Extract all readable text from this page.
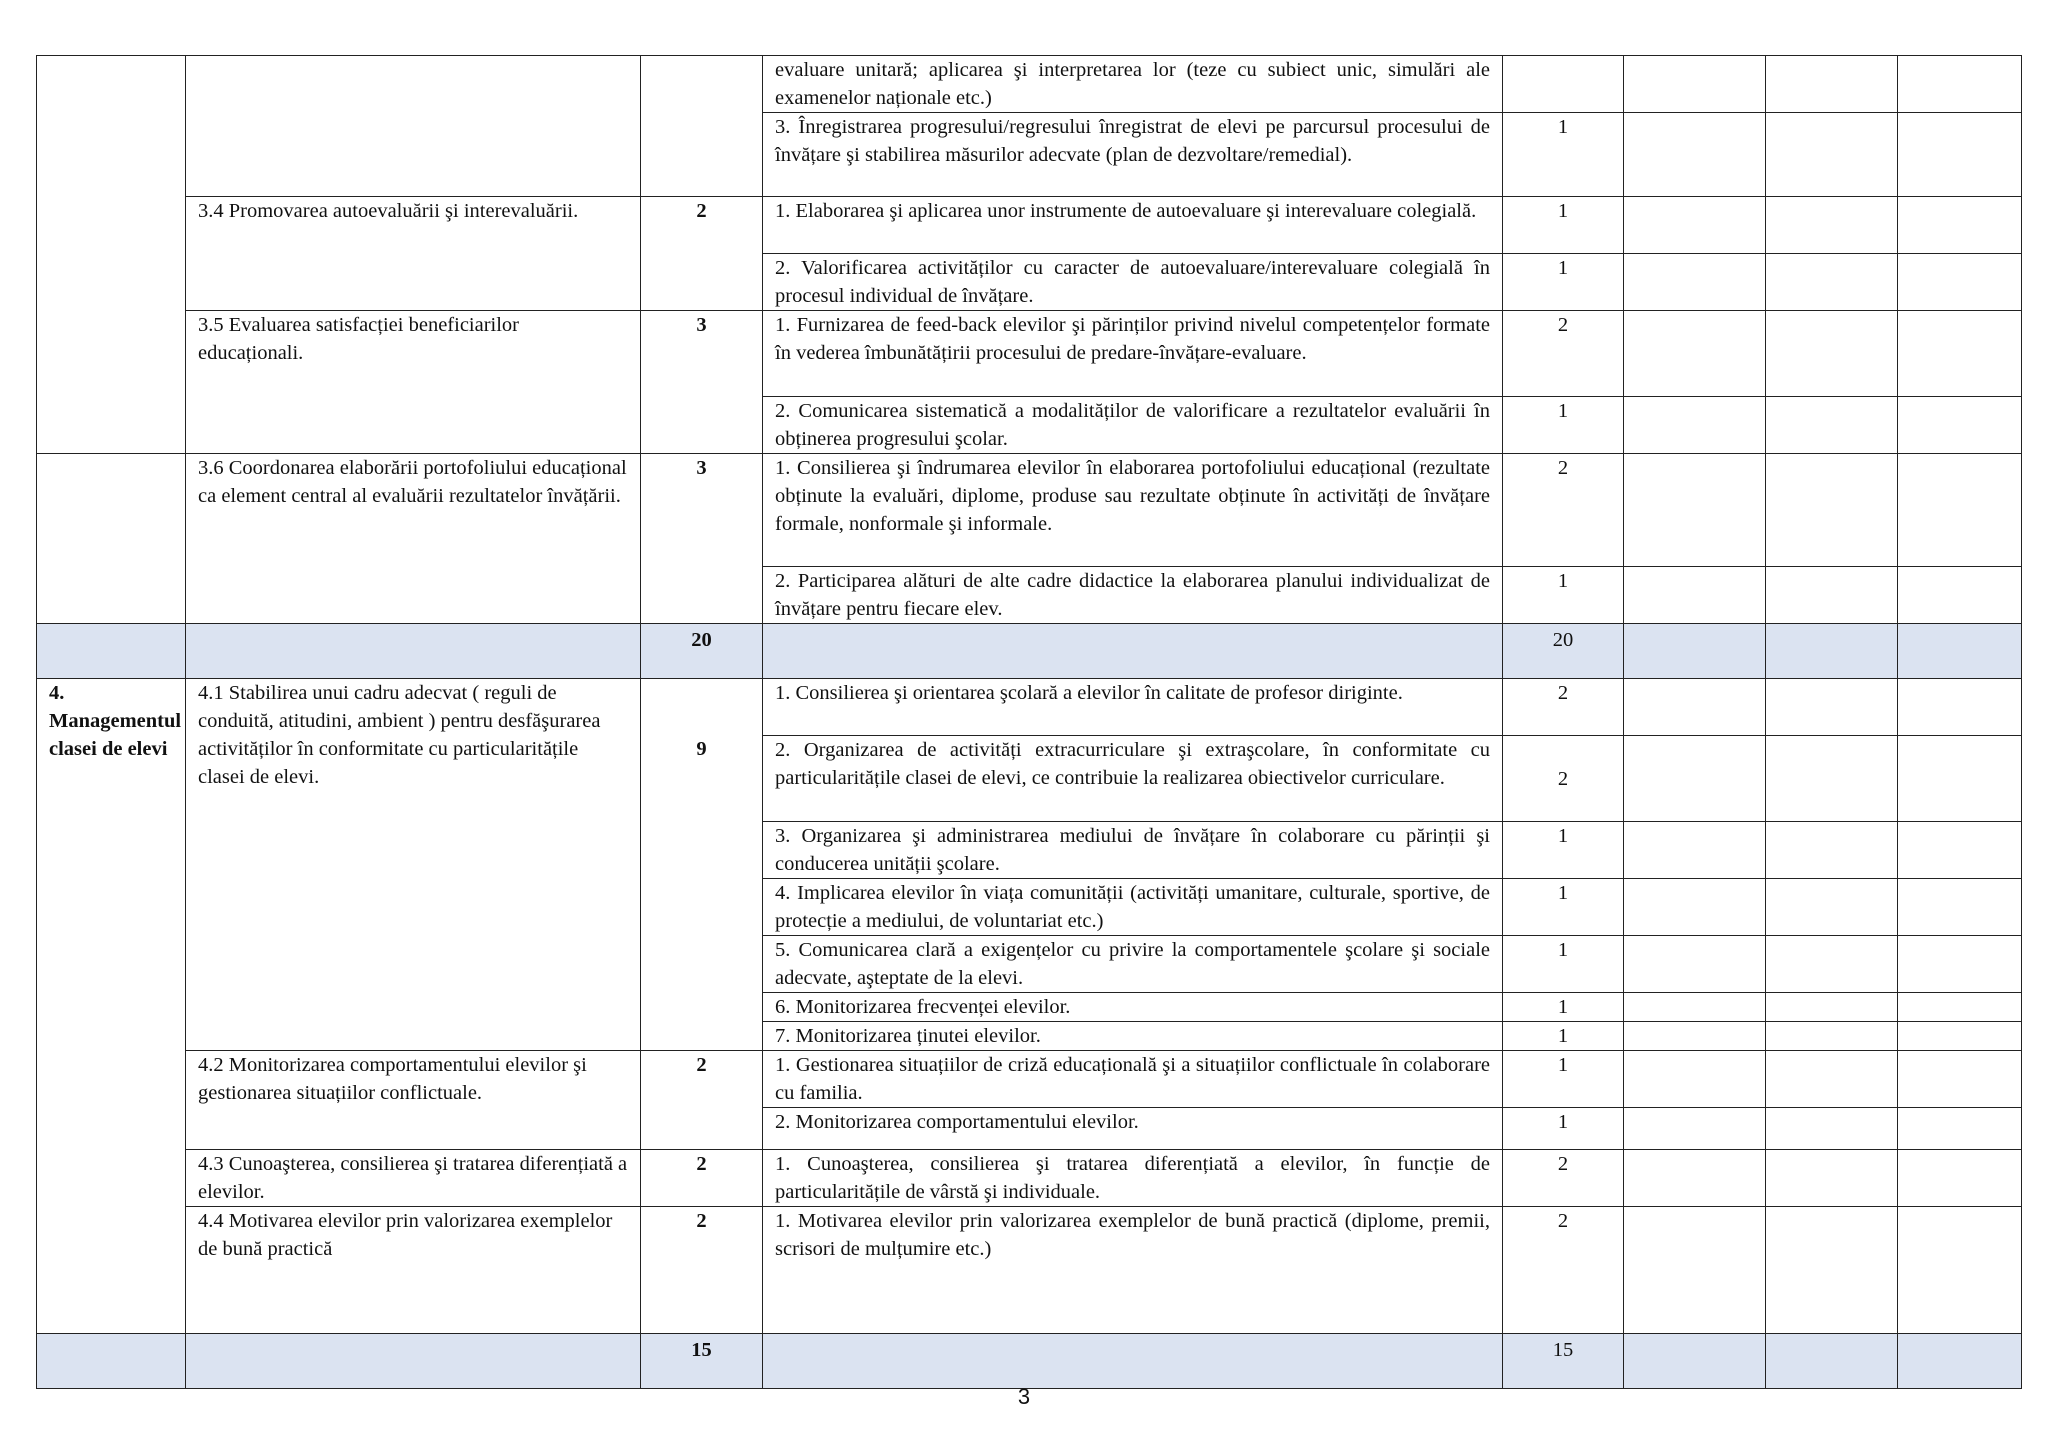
			evaluare unitară; aplicarea şi interpretarea lor (teze cu subiect unic, simulări ale examenelor naționale etc.)				
			3. Înregistrarea progresului/regresului înregistrat de elevi pe parcursul procesului de învățare şi stabilirea măsurilor adecvate (plan de dezvoltare/remedial).	1			
	3.4 Promovarea autoevaluării şi interevaluării.	2	1. Elaborarea şi aplicarea unor instrumente de autoevaluare şi interevaluare colegială.	1			
			2. Valorificarea activităților cu caracter de autoevaluare/interevaluare colegială în procesul individual de învățare.	1			
	3.5 Evaluarea satisfacției beneficiarilor educaționali.	3	1. Furnizarea de feed-back elevilor şi părinților privind nivelul competențelor formate în vederea îmbunătățirii procesului de predare-învățare-evaluare.	2			
			2. Comunicarea sistematică a modalităților de valorificare a rezultatelor evaluării în obținerea progresului şcolar.	1			
	3.6 Coordonarea elaborării portofoliului educațional ca element central al evaluării rezultatelor învățării.	3	1. Consilierea şi îndrumarea elevilor în elaborarea portofoliului educațional (rezultate obținute la evaluări, diplome, produse sau rezultate obținute în activități de învățare formale, nonformale şi informale.	2			
			2. Participarea alături de alte cadre didactice la elaborarea planului individualizat de învățare pentru fiecare elev.	1			
		20		20			
4. Managementul clasei de elevi	4.1 Stabilirea unui cadru adecvat ( reguli de conduită, atitudini, ambient ) pentru desfăşurarea activităților în conformitate cu particularitățile clasei de elevi.	9	1. Consilierea şi orientarea şcolară a elevilor în calitate de profesor diriginte.	2			
			2. Organizarea de activități extracurriculare şi extraşcolare, în conformitate cu particularitățile clasei de elevi, ce contribuie la realizarea obiectivelor curriculare.	2			
			3. Organizarea şi administrarea mediului de învățare în colaborare cu părinții şi conducerea unității şcolare.	1			
			4. Implicarea elevilor în viața comunității (activități umanitare, culturale, sportive, de protecție a mediului, de voluntariat etc.)	1			
			5. Comunicarea clară a exigențelor cu privire la comportamentele şcolare şi sociale adecvate, aşteptate de la elevi.	1			
			6. Monitorizarea frecvenței elevilor.	1			
			7. Monitorizarea ținutei elevilor.	1			
	4.2 Monitorizarea comportamentului elevilor şi gestionarea situațiilor conflictuale.	2	1. Gestionarea situațiilor de criză educațională şi a situațiilor conflictuale în colaborare cu familia.	1			
			2. Monitorizarea comportamentului elevilor.	1			
	4.3 Cunoaşterea, consilierea şi tratarea diferențiată a elevilor.	2	1. Cunoaşterea, consilierea şi tratarea diferențiată a elevilor, în funcție de particularitățile de vârstă şi individuale.	2			
	4.4 Motivarea elevilor prin valorizarea exemplelor de bună practică	2	1. Motivarea elevilor prin valorizarea exemplelor de bună practică (diplome, premii, scrisori de mulțumire etc.)	2			
		15		15			
3
